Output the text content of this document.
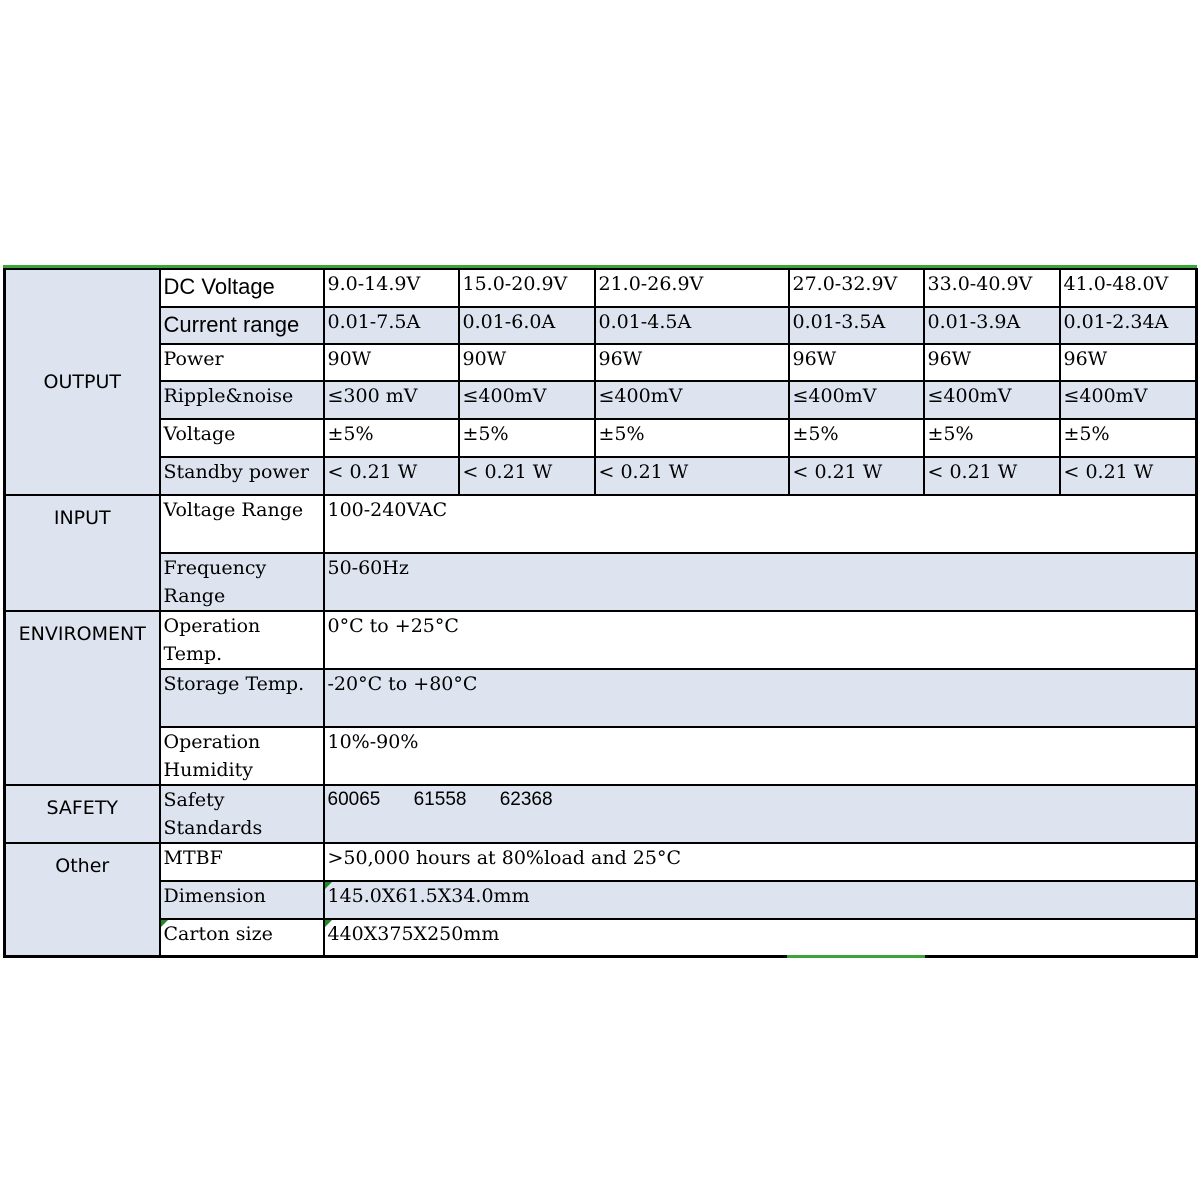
OUTPUT	DC Voltage	9.0-14.9V	15.0-20.9V	21.0-26.9V	27.0-32.9V	33.0-40.9V	41.0-48.0V
	Current range	0.01-7.5A	0.01-6.0A	0.01-4.5A	0.01-3.5A	0.01-3.9A	0.01-2.34A
	Power	90W	90W	96W	96W	96W	96W
	Ripple&noise	≤300 mV	≤400mV	≤400mV	≤400mV	≤400mV	≤400mV
	Voltage	±5%	±5%	±5%	±5%	±5%	±5%
	Standby power	< 0.21 W	< 0.21 W	< 0.21 W	< 0.21 W	< 0.21 W	< 0.21 W
INPUT	Voltage Range	100-240VAC					
	Frequency Range	50-60Hz					
ENVIROMENT	Operation Temp.	0°C to +25°C					
	Storage Temp.	-20°C to +80°C					
	Operation Humidity	10%-90%					
SAFETY	Safety Standards	60065 61558 62368					
Other	MTBF	>50,000 hours at 80%load and 25°C					
	Dimension	145.0X61.5X34.0mm					
	Carton size	440X375X250mm					
